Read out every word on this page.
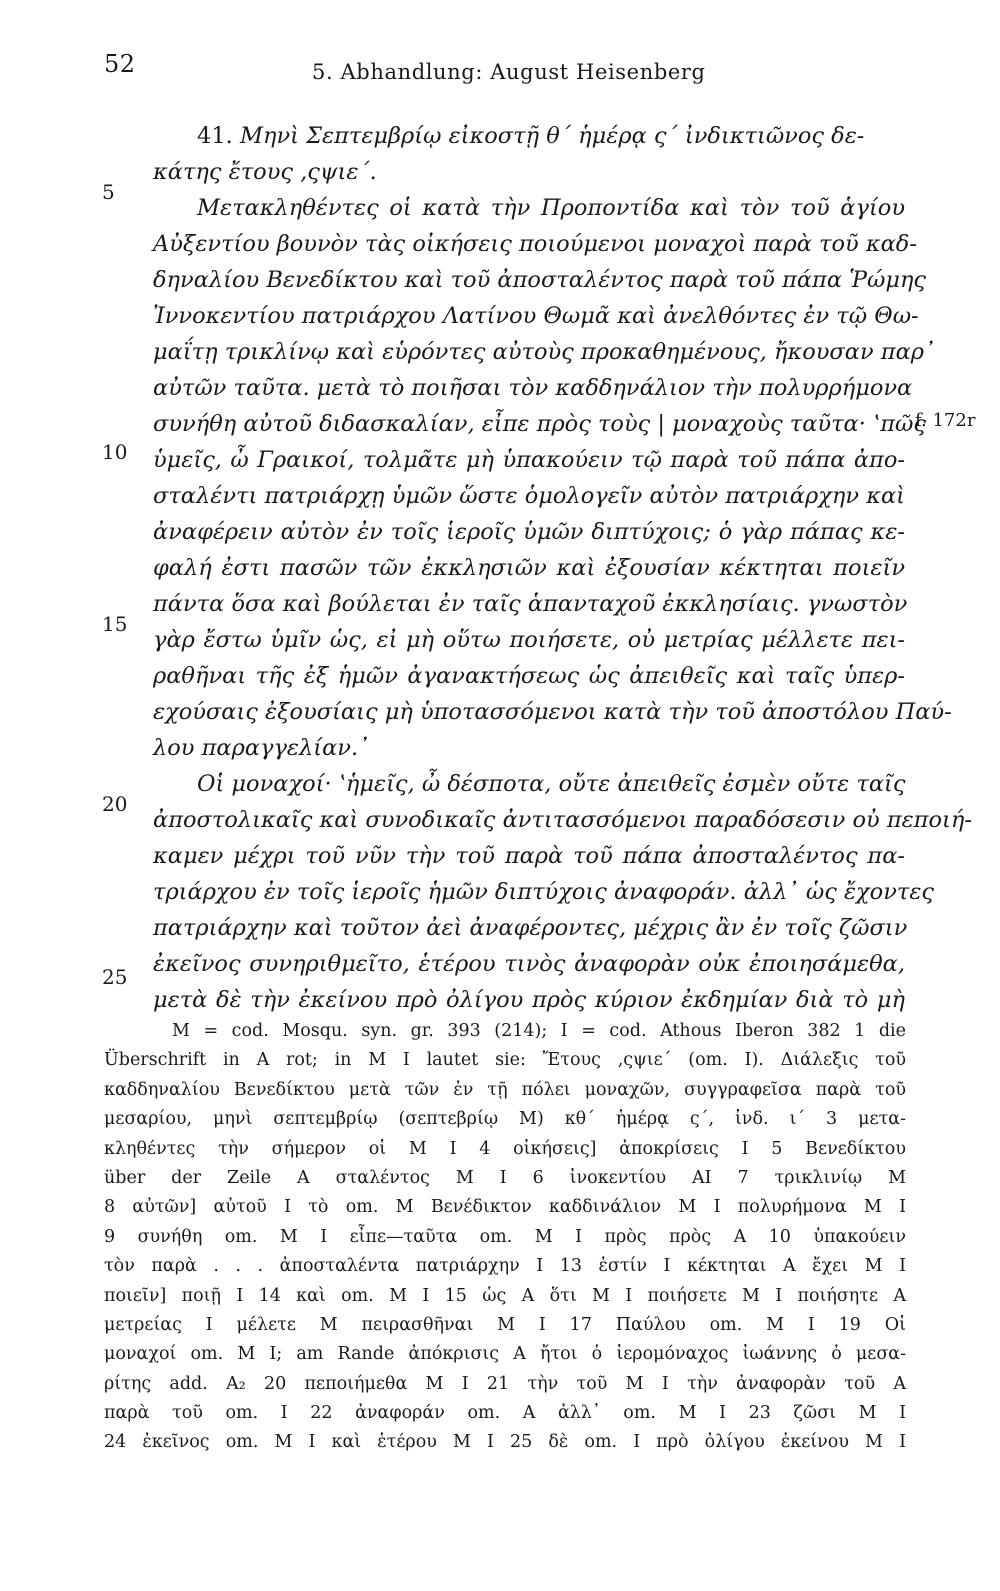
52	5. Abhandlung: August Heisenberg
5
10
15
20
25
f. 172r
41. Μηνὶ Σεπτεμβρίῳ εἰκοστῇ θ΄ ἡμέρᾳ ς΄ ἰνδικτιῶνος δε-
κάτης ἔτους ,ςψιε΄.
Μετακληθέντες οἱ κατὰ τὴν Προποντίδα καὶ τὸν τοῦ ἁγίου
Αὐξεντίου βουνὸν τὰς οἰκήσεις ποιούμενοι μοναχοὶ παρὰ τοῦ καδ-
δηναλίου Βενεδίκτου καὶ τοῦ ἀποσταλέντος παρὰ τοῦ πάπα Ῥώμης
Ἰννοκεντίου πατριάρχου Λατίνου Θωμᾶ καὶ ἀνελθόντες ἐν τῷ Θω-
μαΐτῃ τρικλίνῳ καὶ εὑρόντες αὐτοὺς προκαθημένους, ἤκουσαν παρ᾽
αὐτῶν ταῦτα. μετὰ τὸ ποιῆσαι τὸν καδδηνάλιον τὴν πολυρρήμονα
συνήθη αὐτοῦ διδασκαλίαν, εἶπε πρὸς τοὺς | μοναχοὺς ταῦτα· ʽπῶς
ὑμεῖς, ὦ Γραικοί, τολμᾶτε μὴ ὑπακούειν τῷ παρὰ τοῦ πάπα ἀπο-
σταλέντι πατριάρχῃ ὑμῶν ὥστε ὁμολογεῖν αὐτὸν πατριάρχην καὶ
ἀναφέρειν αὐτὸν ἐν τοῖς ἱεροῖς ὑμῶν διπτύχοις; ὁ γὰρ πάπας κε-
φαλή ἐστι πασῶν τῶν ἐκκλησιῶν καὶ ἐξουσίαν κέκτηται ποιεῖν
πάντα ὅσα καὶ βούλεται ἐν ταῖς ἁπανταχοῦ ἐκκλησίαις. γνωστὸν
γὰρ ἔστω ὑμῖν ὡς, εἰ μὴ οὕτω ποιήσετε, οὐ μετρίας μέλλετε πει-
ραθῆναι τῆς ἐξ ἡμῶν ἀγανακτήσεως ὡς ἀπειθεῖς καὶ ταῖς ὑπερ-
εχούσαις ἐξουσίαις μὴ ὑποτασσόμενοι κατὰ τὴν τοῦ ἀποστόλου Παύ-
λου παραγγελίαν.᾽
Οἱ μοναχοί· ʽἡμεῖς, ὦ δέσποτα, οὔτε ἀπειθεῖς ἐσμὲν οὔτε ταῖς
ἀποστολικαῖς καὶ συνοδικαῖς ἀντιτασσόμενοι παραδόσεσιν οὐ πεποιή-
καμεν μέχρι τοῦ νῦν τὴν τοῦ παρὰ τοῦ πάπα ἀποσταλέντος πα-
τριάρχου ἐν τοῖς ἱεροῖς ἡμῶν διπτύχοις ἀναφοράν. ἀλλ᾽ ὡς ἔχοντες
πατριάρχην καὶ τοῦτον ἀεὶ ἀναφέροντες, μέχρις ἂν ἐν τοῖς ζῶσιν
ἐκεῖνος συνηριθμεῖτο, ἑτέρου τινὸς ἀναφορὰν οὐκ ἐποιησάμεθα,
μετὰ δὲ τὴν ἐκείνου πρὸ ὀλίγου πρὸς κύριον ἐκδημίαν διὰ τὸ μὴ
M = cod. Mosqu. syn. gr. 393 (214); I = cod. Athous Iberon 382 1 die
Überschrift in A rot; in M I lautet sie: Ἔτους ,ςψιε΄ (om. I). Διάλεξις τοῦ
καδδηναλίου Βενεδίκτου μετὰ τῶν ἐν τῇ πόλει μοναχῶν, συγγραφεῖσα παρὰ τοῦ
μεσαρίου, μηνὶ σεπτεμβρίῳ (σεπτεβρίῳ M) κθ΄ ἡμέρᾳ ς΄, ἰνδ. ι΄ 3 μετα-
κληθέντες τὴν σήμερον οἱ M I 4 οἰκήσεις] ἀποκρίσεις I 5 Βενεδίκτου
über der Zeile A σταλέντος M I 6 ἰνοκεντίου AI 7 τρικλινίῳ M
8 αὐτῶν] αὐτοῦ I τὸ om. M Βενέδικτον καδδινάλιον M I πολυρήμονα M I
9 συνήθη om. M I εἶπε—ταῦτα om. M I πρὸς πρὸς A 10 ὑπακούειν
τὸν παρὰ . . . ἀποσταλέντα πατριάρχην I 13 ἐστίν I κέκτηται A ἔχει M I
ποιεῖν] ποιῇ I 14 καὶ om. M I 15 ὡς A ὅτι M I ποιήσετε M I ποιήσητε A
μετρείας I μέλετε M πειρασθῆναι M I 17 Παύλου om. M I 19 Οἱ
μοναχοί om. M I; am Rande ἀπόκρισις A ἤτοι ὁ ἱερομόναχος ἰωάννης ὁ μεσα-
ρίτης add. A₂ 20 πεποιήμεθα M I 21 τὴν τοῦ M I τὴν ἀναφορὰν τοῦ A
παρὰ τοῦ om. I 22 ἀναφοράν om. A ἀλλ᾽ om. M I 23 ζῶσι M I
24 ἐκεῖνος om. M I καὶ ἑτέρου M I 25 δὲ om. I πρὸ ὀλίγου ἐκείνου M I
